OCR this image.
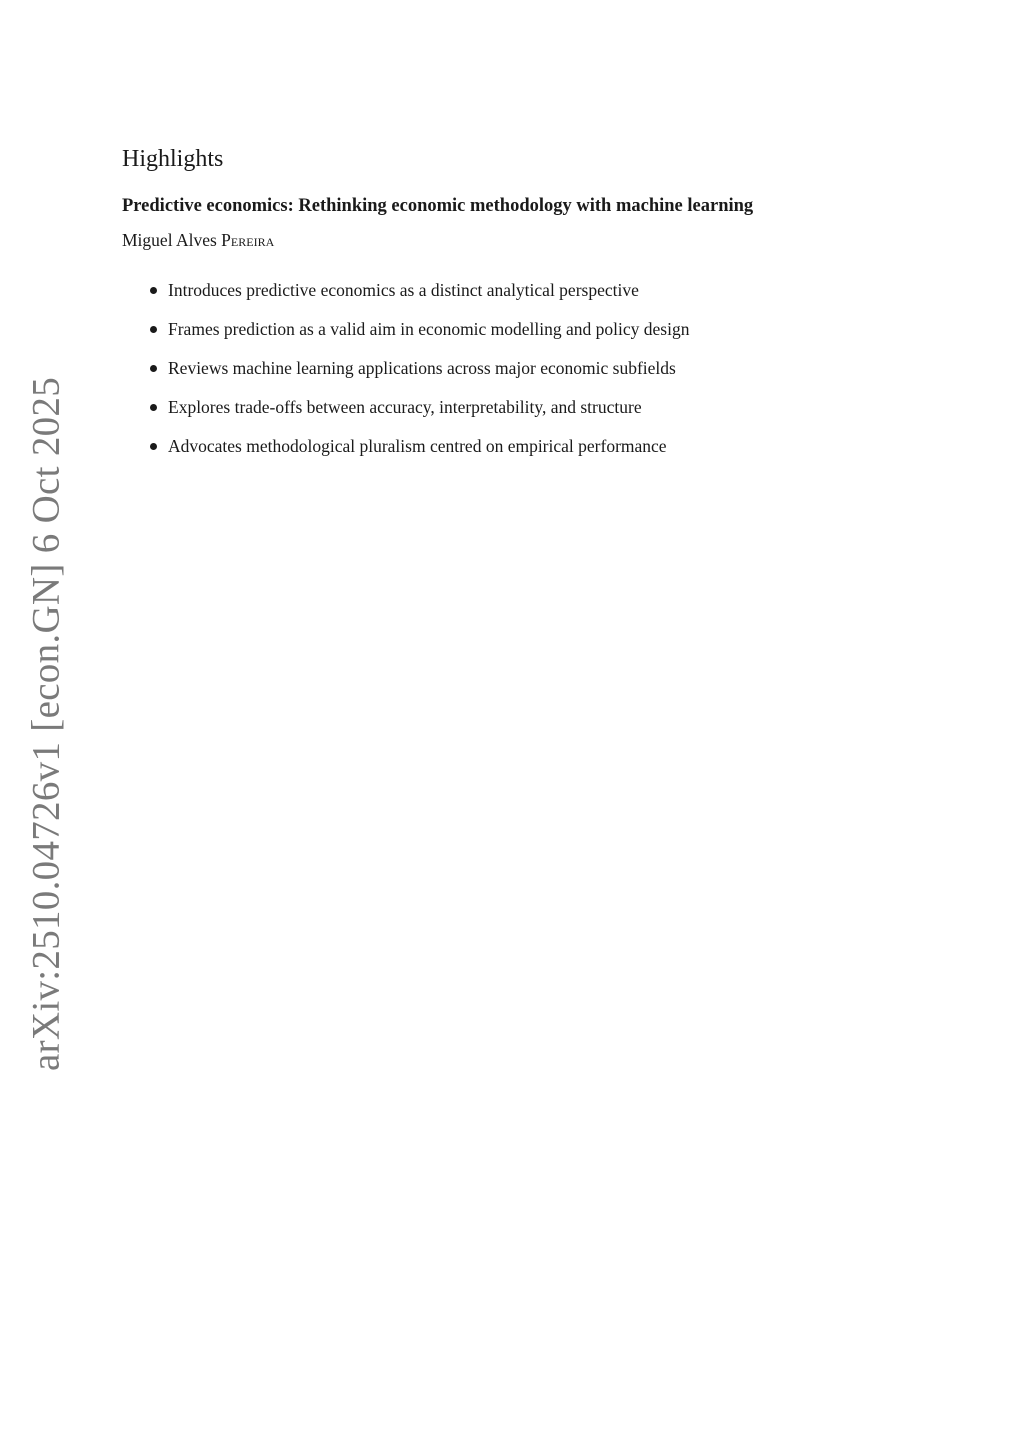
arXiv:2510.04726v1 [econ.GN] 6 Oct 2025
Highlights
Predictive economics: Rethinking economic methodology with machine learning
Miguel Alves Pereira
Introduces predictive economics as a distinct analytical perspective
Frames prediction as a valid aim in economic modelling and policy design
Reviews machine learning applications across major economic subfields
Explores trade-offs between accuracy, interpretability, and structure
Advocates methodological pluralism centred on empirical performance
